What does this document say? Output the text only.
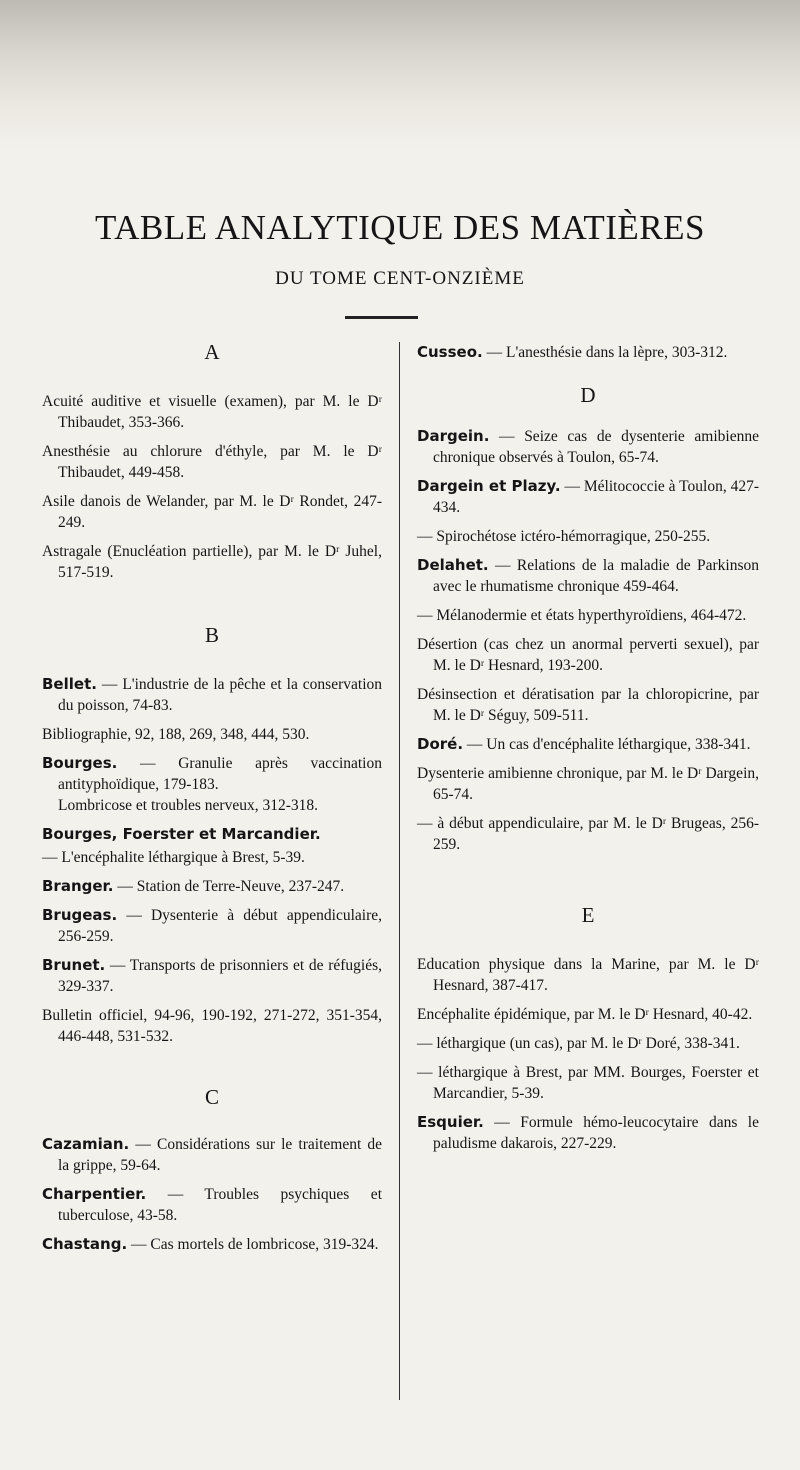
TABLE ANALYTIQUE DES MATIÈRES
DU TOME CENT-ONZIÈME

A

Acuité auditive et visuelle (examen), par M. le Dʳ Thibaudet, 353-366.

Anesthésie au chlorure d'éthyle, par M. le Dʳ Thibaudet, 449-458.

Asile danois de Welander, par M. le Dʳ Rondet, 247-249.

Astragale (Enucléation partielle), par M. le Dʳ Juhel, 517-519.

B

Bellet. — L'industrie de la pêche et la conservation du poisson, 74-83.

Bibliographie, 92, 188, 269, 348, 444, 530.

Bourges. — Granulie après vaccination antityphoïdique, 179-183.

Lombricose et troubles nerveux, 312-318.

Bourges, Foerster et Marcandier.

— L'encéphalite léthargique à Brest, 5-39.

Branger. — Station de Terre-Neuve, 237-247.

Brugeas. — Dysenterie à début appendiculaire, 256-259.

Brunet. — Transports de prisonniers et de réfugiés, 329-337.

Bulletin officiel, 94-96, 190-192, 271-272, 351-354, 446-448, 531-532.

C

Cazamian. — Considérations sur le traitement de la grippe, 59-64.

Charpentier. — Troubles psychiques et tuberculose, 43-58.

Chastang. — Cas mortels de lombricose, 319-324.

Cusseo. — L'anesthésie dans la lèpre, 303-312.

D

Dargein. — Seize cas de dysenterie amibienne chronique observés à Toulon, 65-74.

Dargein et Plazy. — Mélitococcie à Toulon, 427-434.

— Spirochétose ictéro-hémorragique, 250-255.

Delahet. — Relations de la maladie de Parkinson avec le rhumatisme chronique 459-464.

— Mélanodermie et états hyperthyroïdiens, 464-472.

Désertion (cas chez un anormal perverti sexuel), par M. le Dʳ Hesnard, 193-200.

Désinsection et dératisation par la chloropicrine, par M. le Dʳ Séguy, 509-511.

Doré. — Un cas d'encéphalite léthargique, 338-341.

Dysenterie amibienne chronique, par M. le Dʳ Dargein, 65-74.

— à début appendiculaire, par M. le Dʳ Brugeas, 256-259.

E

Education physique dans la Marine, par M. le Dʳ Hesnard, 387-417.

Encéphalite épidémique, par M. le Dʳ Hesnard, 40-42.

— léthargique (un cas), par M. le Dʳ Doré, 338-341.

— léthargique à Brest, par MM. Bourges, Foerster et Marcandier, 5-39.

Esquier. — Formule hémo-leucocytaire dans le paludisme dakarois, 227-229.
